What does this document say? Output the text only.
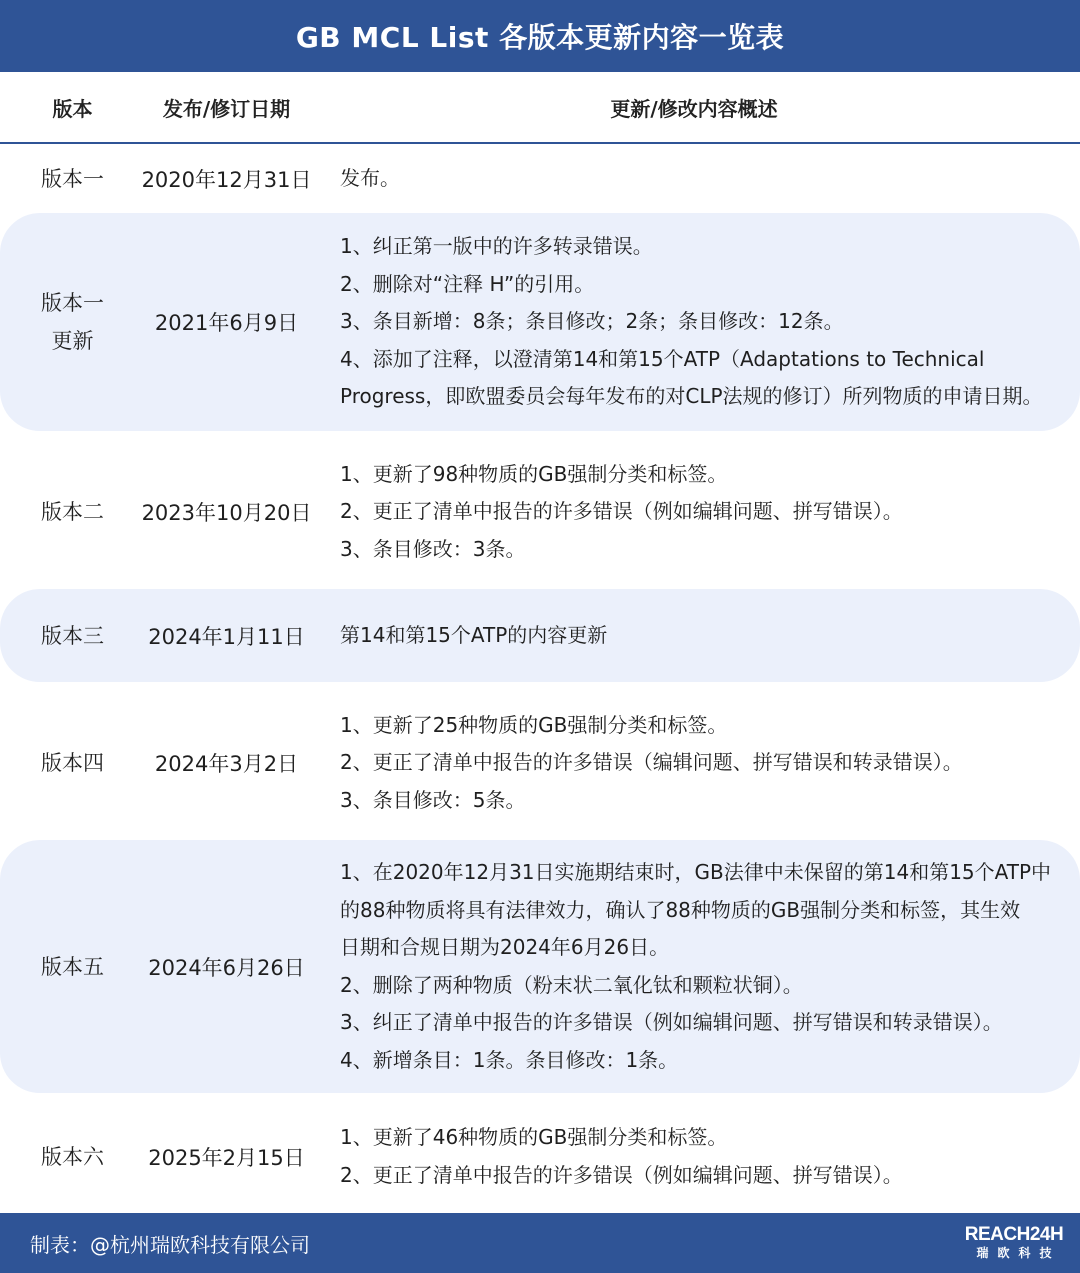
GB MCL List 各版本更新内容一览表
版本	发布/修订日期	更新/修改内容概述
版本一 2020年12月31日 发布。
版本一
更新
2021年6月9日
1、纠正第一版中的许多转录错误。
2、删除对“注释 H”的引用。
3、条目新增：8条；条目修改；2条；条目修改：12条。
4、添加了注释，以澄清第14和第15个ATP（Adaptations to Technical
Progress，即欧盟委员会每年发布的对CLP法规的修订）所列物质的申请日期。
版本二 2023年10月20日
1、更新了98种物质的GB强制分类和标签。
2、更正了清单中报告的许多错误（例如编辑问题、拼写错误）。
3、条目修改：3条。
版本三 2024年1月11日 第14和第15个ATP的内容更新
版本四	2024年3月2日
1、更新了25种物质的GB强制分类和标签。
2、更正了清单中报告的许多错误（编辑问题、拼写错误和转录错误）。
3、条目修改：5条。
版本五 2024年6月26日
1、在2020年12月31日实施期结束时，GB法律中未保留的第14和第15个ATP中
的88种物质将具有法律效力，确认了88种物质的GB强制分类和标签，其生效
日期和合规日期为2024年6月26日。
2、删除了两种物质（粉末状二氧化钛和颗粒状铜）。
3、纠正了清单中报告的许多错误（例如编辑问题、拼写错误和转录错误）。
4、新增条目：1条。条目修改：1条。
版本六 2025年2月15日
1、更新了46种物质的GB强制分类和标签。
2、更正了清单中报告的许多错误（例如编辑问题、拼写错误）。
制表：@杭州瑞欧科技有限公司	REACH24H
瑞欧科技
